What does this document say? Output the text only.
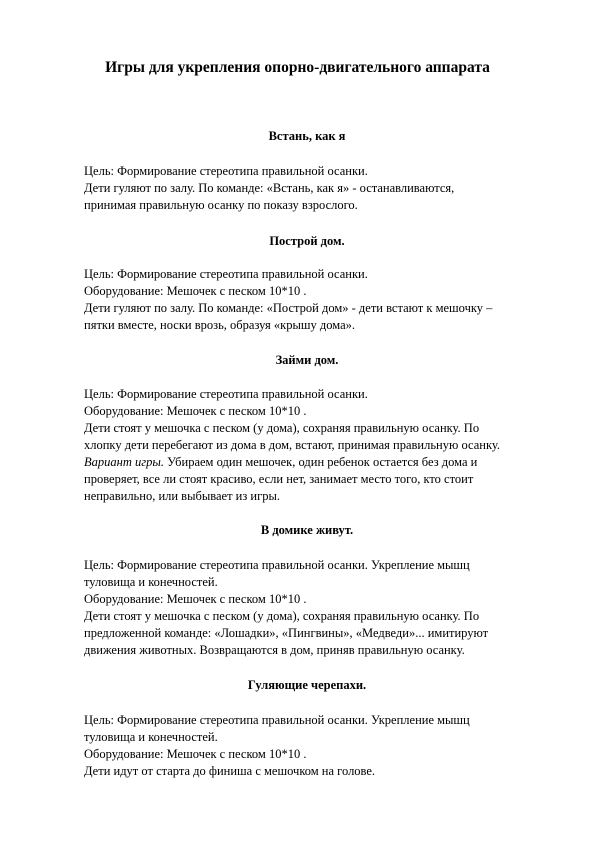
Игры для укрепления опорно-двигательного аппарата
Встань, как я
Цель: Формирование стереотипа правильной осанки.
Дети гуляют по залу. По команде: «Встань, как я» - останавливаются,
принимая правильную осанку по показу взрослого.
Построй дом.
Цель: Формирование стереотипа правильной осанки.
Оборудование: Мешочек с песком 10*10 .
Дети гуляют по залу. По команде: «Построй дом» - дети встают к мешочку –
пятки вместе, носки врозь, образуя «крышу дома».
Займи дом.
Цель: Формирование стереотипа правильной осанки.
Оборудование: Мешочек с песком 10*10 .
Дети стоят у мешочка с песком (у дома), сохраняя правильную осанку. По
хлопку дети перебегают из дома в дом, встают, принимая правильную осанку.
Вариант игры. Убираем один мешочек, один ребенок остается без дома и
проверяет, все ли стоят красиво, если нет, занимает место того, кто стоит
неправильно, или выбывает из игры.
В домике живут.
Цель: Формирование стереотипа правильной осанки. Укрепление мышц
туловища и конечностей.
Оборудование: Мешочек с песком 10*10 .
Дети стоят у мешочка с песком (у дома), сохраняя правильную осанку. По
предложенной команде: «Лошадки», «Пингвины», «Медведи»... имитируют
движения животных. Возвращаются в дом, приняв правильную осанку.
Гуляющие черепахи.
Цель: Формирование стереотипа правильной осанки. Укрепление мышц
туловища и конечностей.
Оборудование: Мешочек с песком 10*10 .
Дети идут от старта до финиша с мешочком на голове.
